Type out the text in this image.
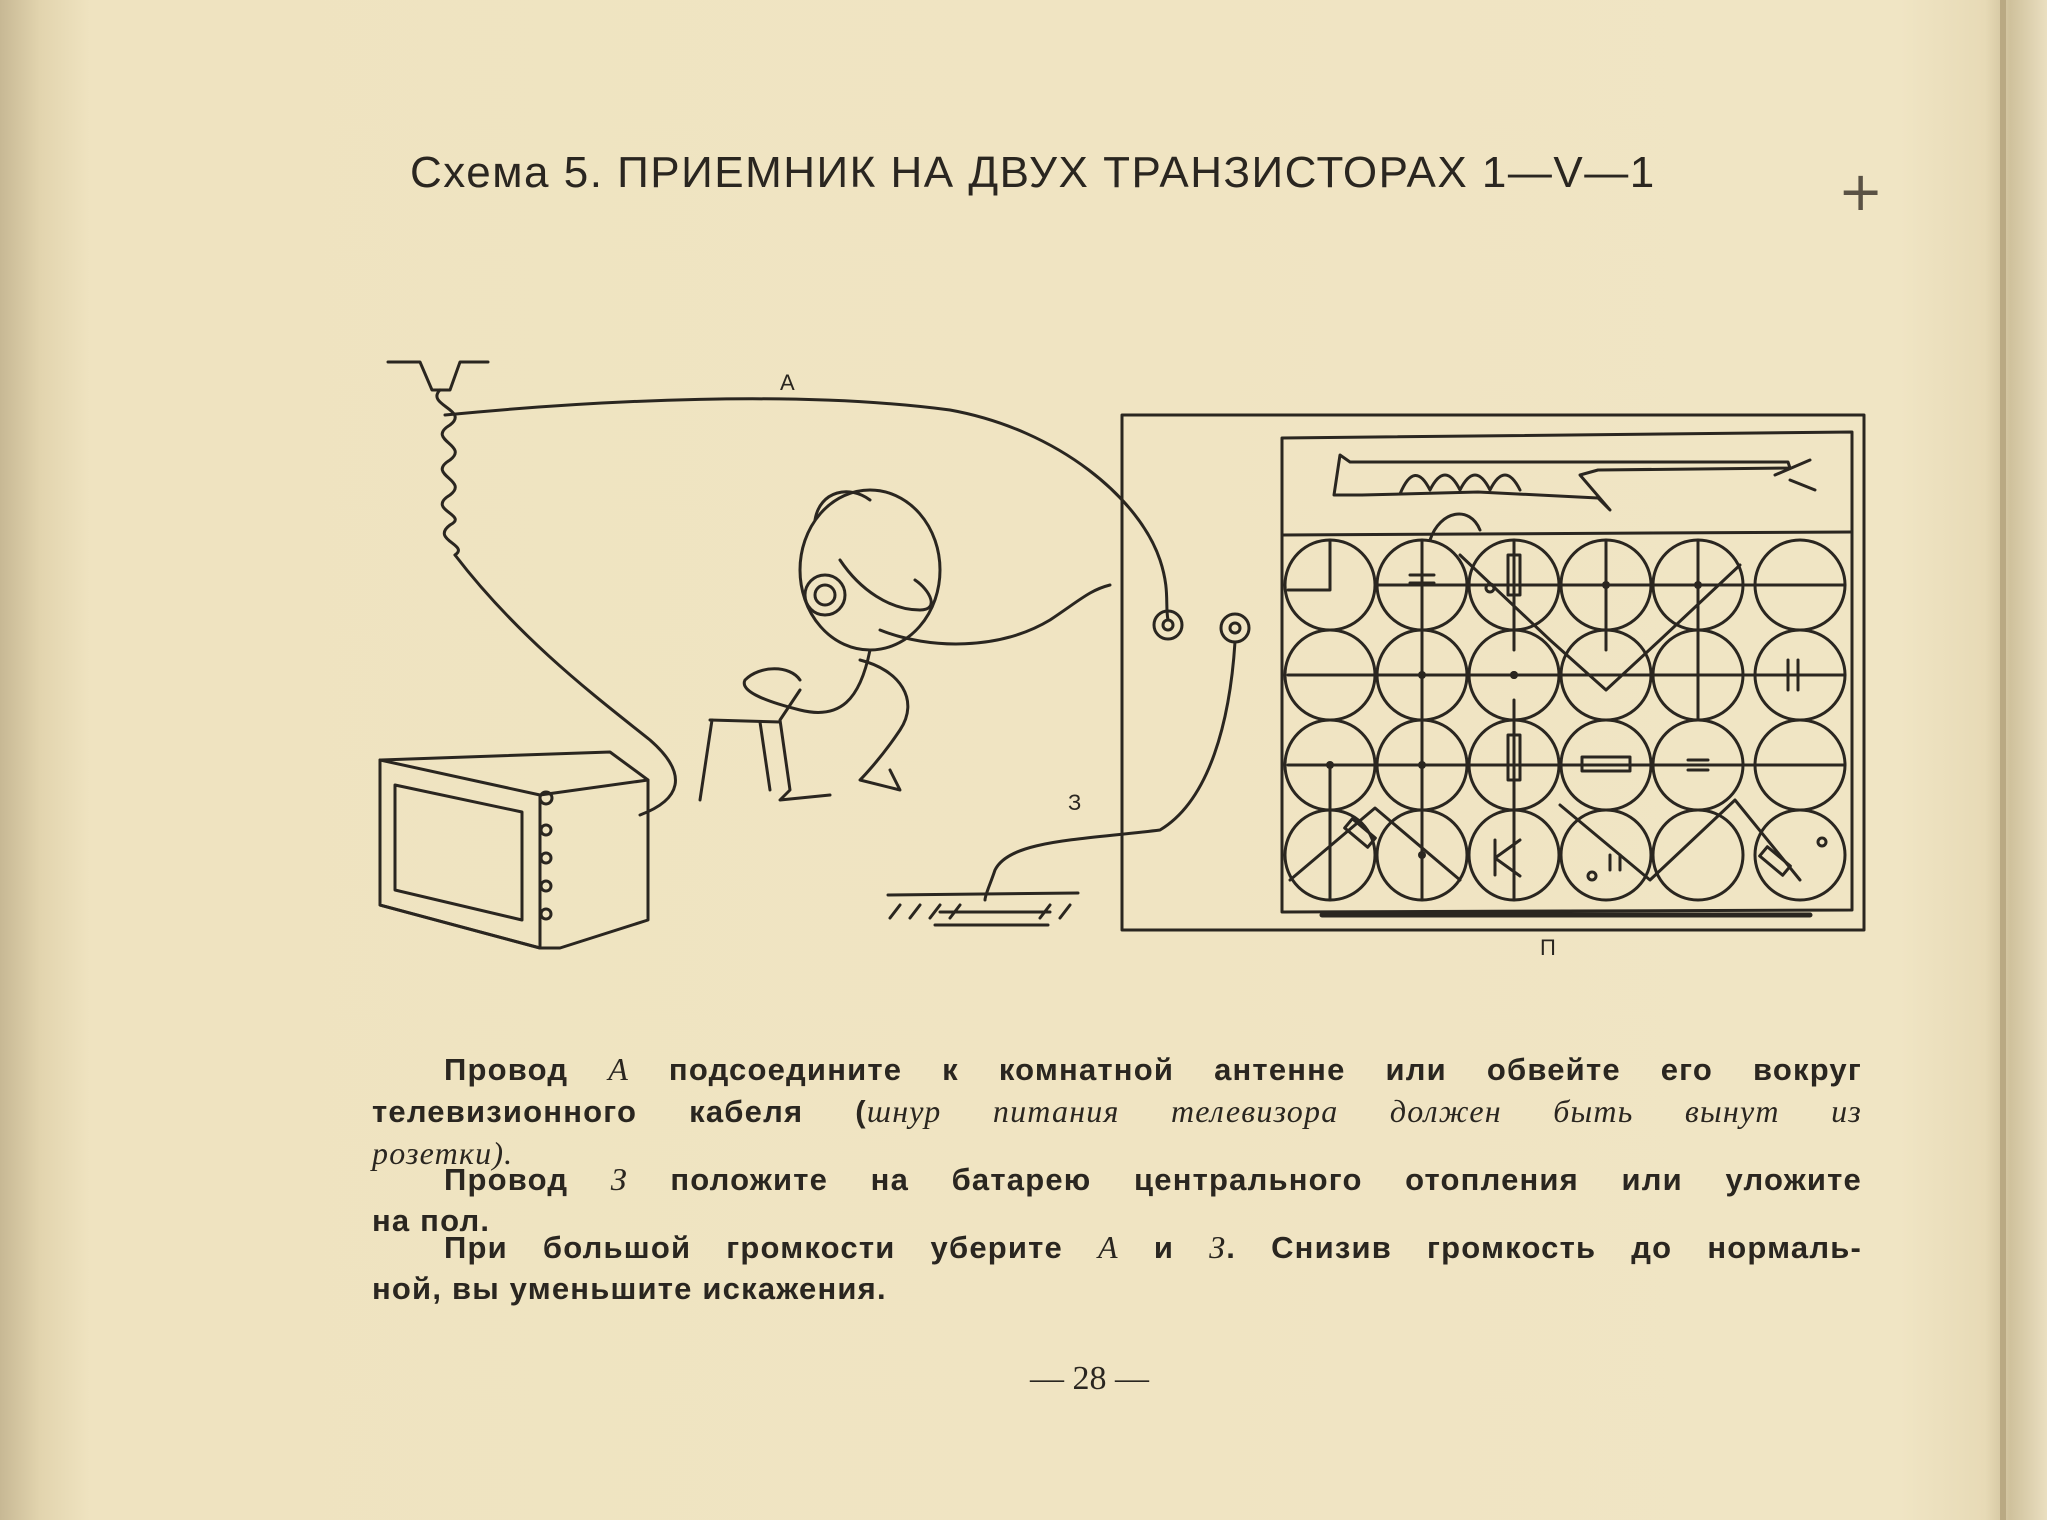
Схема 5. ПРИЕМНИК НА ДВУХ ТРАНЗИСТОРАХ 1—V—1	+
А
З
П
Провод А подсоедините к комнатной антенне или обвейте его вокруг
телевизионного кабеля (шнур питания телевизора должен быть вынут из
розетки).
Провод З положите на батарею центрального отопления или уложите
на пол.
При большой громкости уберите А и З. Снизив громкость до нормаль-
ной, вы уменьшите искажения.
— 28 —
